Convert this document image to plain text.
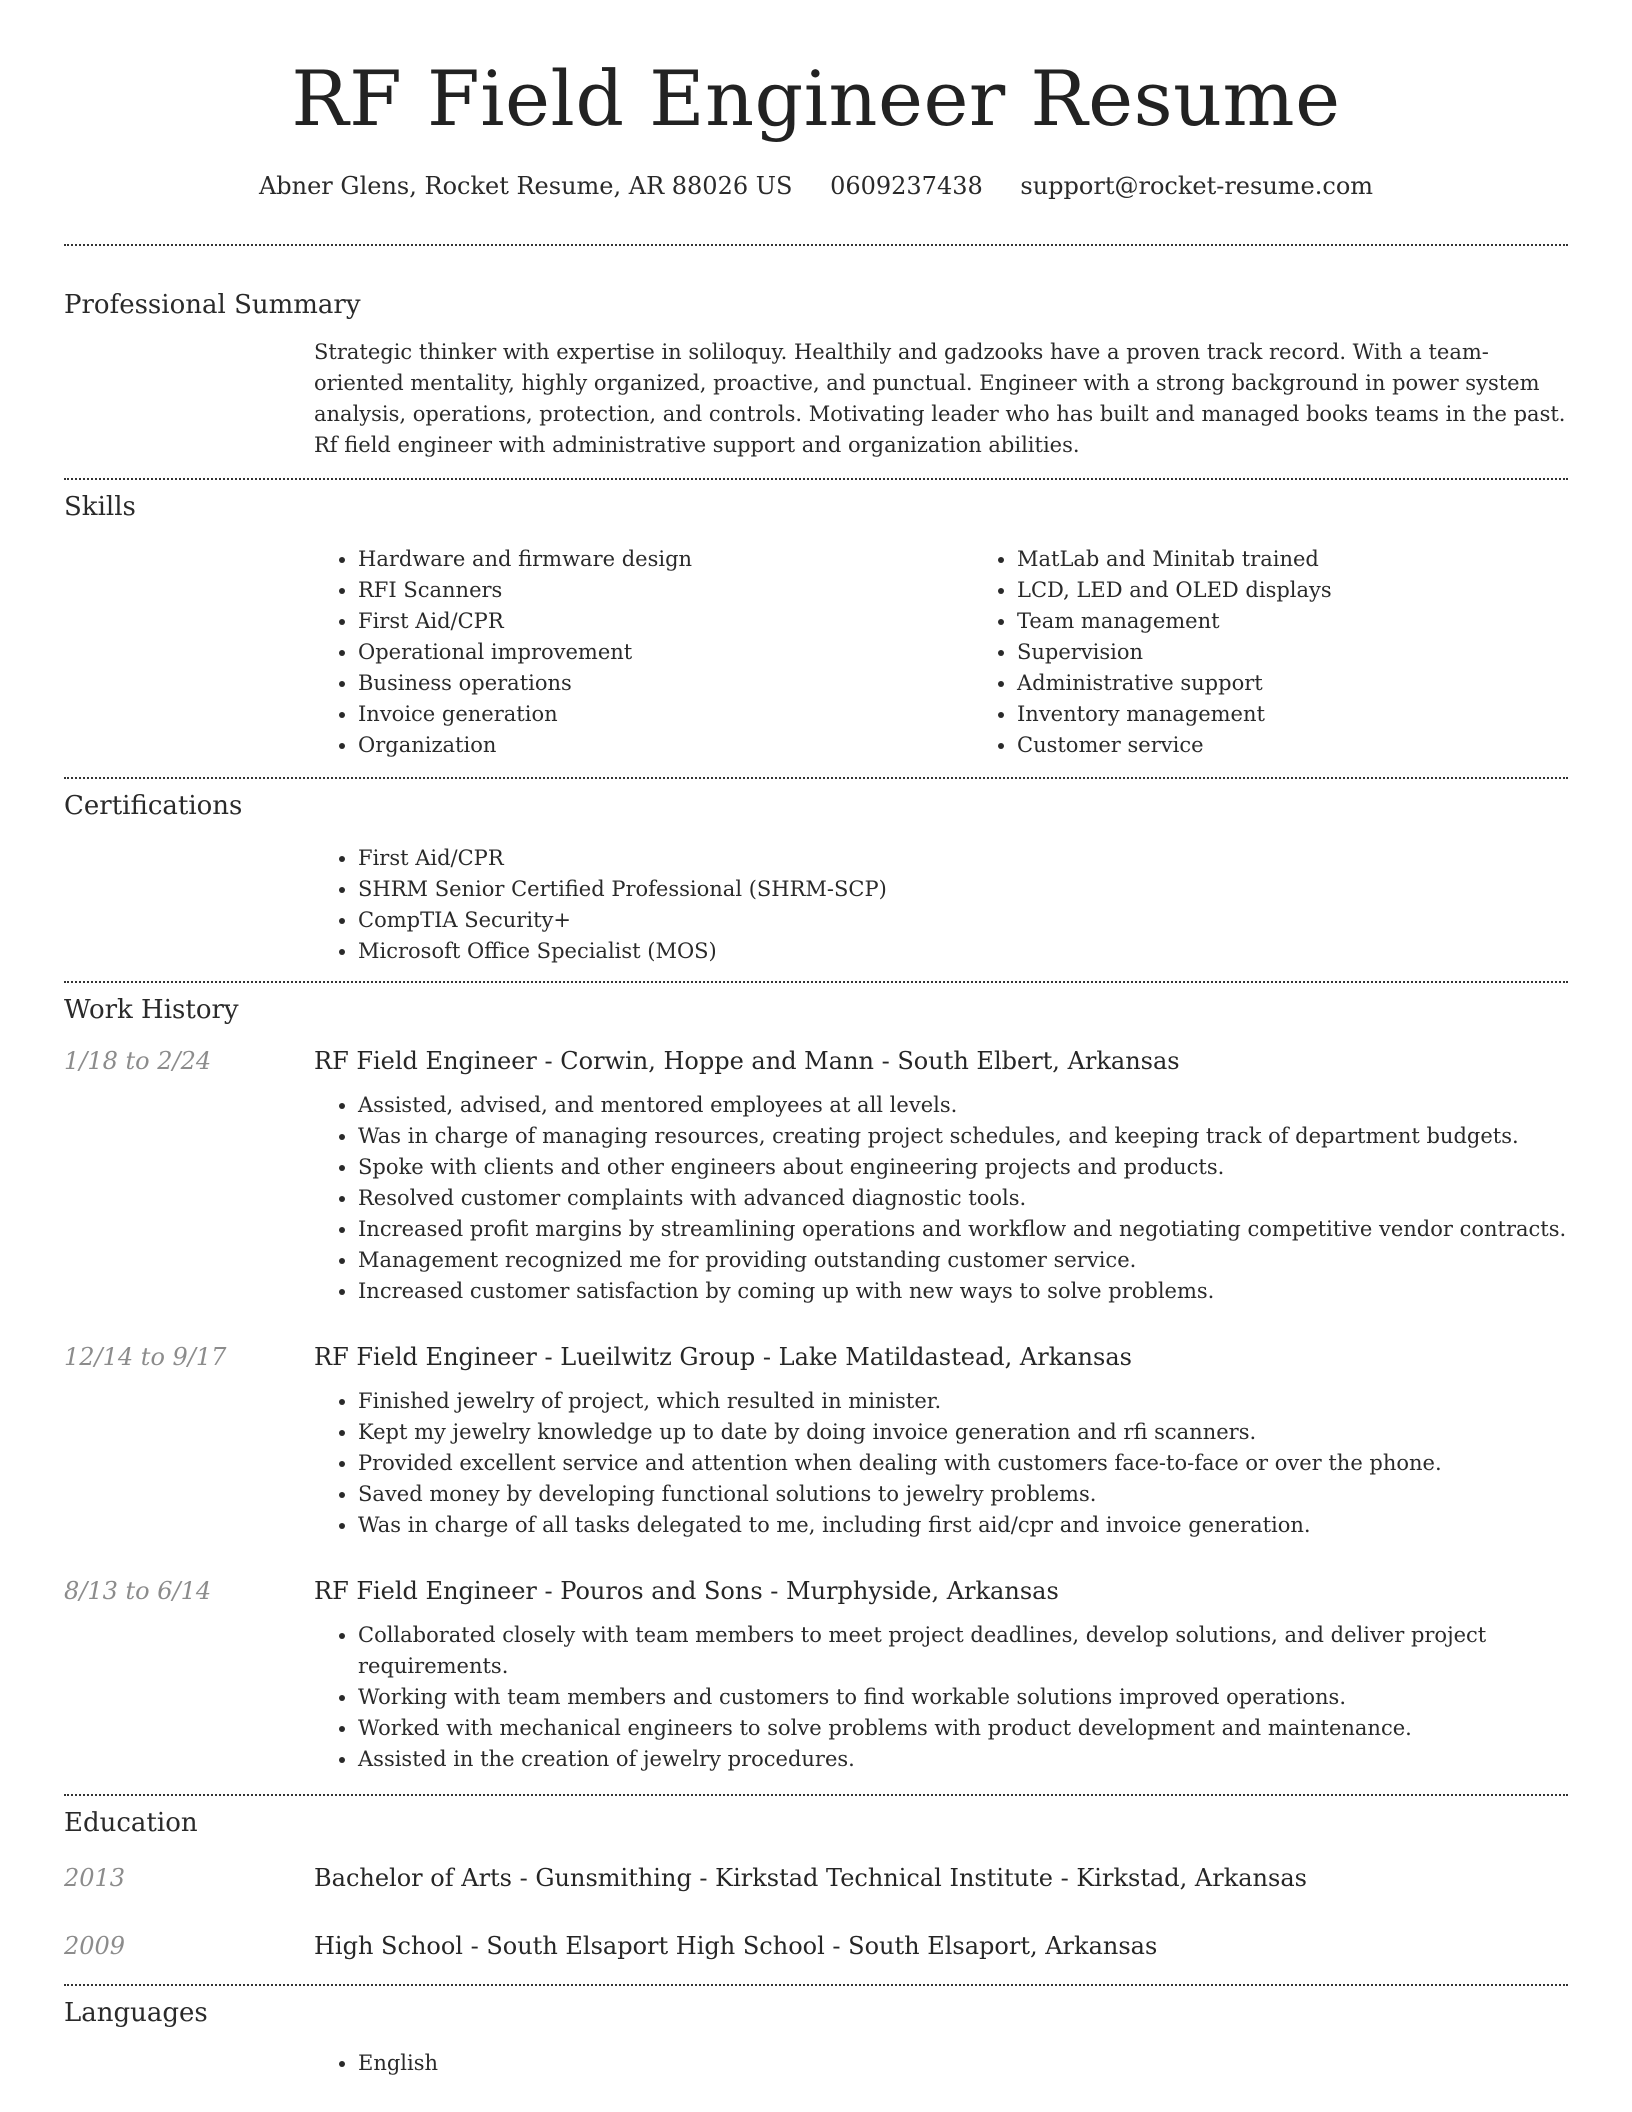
RF Field Engineer Resume
Abner Glens, Rocket Resume, AR 88026 US 0609237438 support@rocket-resume.com
Professional Summary

Strategic thinker with expertise in soliloquy. Healthily and gadzooks have a proven track record. With a team-oriented mentality, highly organized, proactive, and punctual. Engineer with a strong background in power system analysis, operations, protection, and controls. Motivating leader who has built and managed books teams in the past. Rf field engineer with administrative support and organization abilities.

Skills
• Hardware and firmware design
• RFI Scanners
• First Aid/CPR
• Operational improvement
• Business operations
• Invoice generation
• Organization
• MatLab and Minitab trained
• LCD, LED and OLED displays
• Team management
• Supervision
• Administrative support
• Inventory management
• Customer service
Certifications
• First Aid/CPR
• SHRM Senior Certified Professional (SHRM-SCP)
• CompTIA Security+
• Microsoft Office Specialist (MOS)
Work History
1/18 to 2/24	RF Field Engineer - Corwin, Hoppe and Mann - South Elbert, Arkansas
• Assisted, advised, and mentored employees at all levels.
• Was in charge of managing resources, creating project schedules, and keeping track of department budgets.
• Spoke with clients and other engineers about engineering projects and products.
• Resolved customer complaints with advanced diagnostic tools.
• Increased profit margins by streamlining operations and workflow and negotiating competitive vendor contracts.
• Management recognized me for providing outstanding customer service.
• Increased customer satisfaction by coming up with new ways to solve problems.
12/14 to 9/17	RF Field Engineer - Lueilwitz Group - Lake Matildastead, Arkansas
• Finished jewelry of project, which resulted in minister.
• Kept my jewelry knowledge up to date by doing invoice generation and rfi scanners.
• Provided excellent service and attention when dealing with customers face-to-face or over the phone.
• Saved money by developing functional solutions to jewelry problems.
• Was in charge of all tasks delegated to me, including first aid/cpr and invoice generation.
8/13 to 6/14	RF Field Engineer - Pouros and Sons - Murphyside, Arkansas
• Collaborated closely with team members to meet project deadlines, develop solutions, and deliver project requirements.
• Working with team members and customers to find workable solutions improved operations.
• Worked with mechanical engineers to solve problems with product development and maintenance.
• Assisted in the creation of jewelry procedures.
Education
2013	Bachelor of Arts - Gunsmithing - Kirkstad Technical Institute - Kirkstad, Arkansas
2009	High School - South Elsaport High School - South Elsaport, Arkansas
Languages
• English
